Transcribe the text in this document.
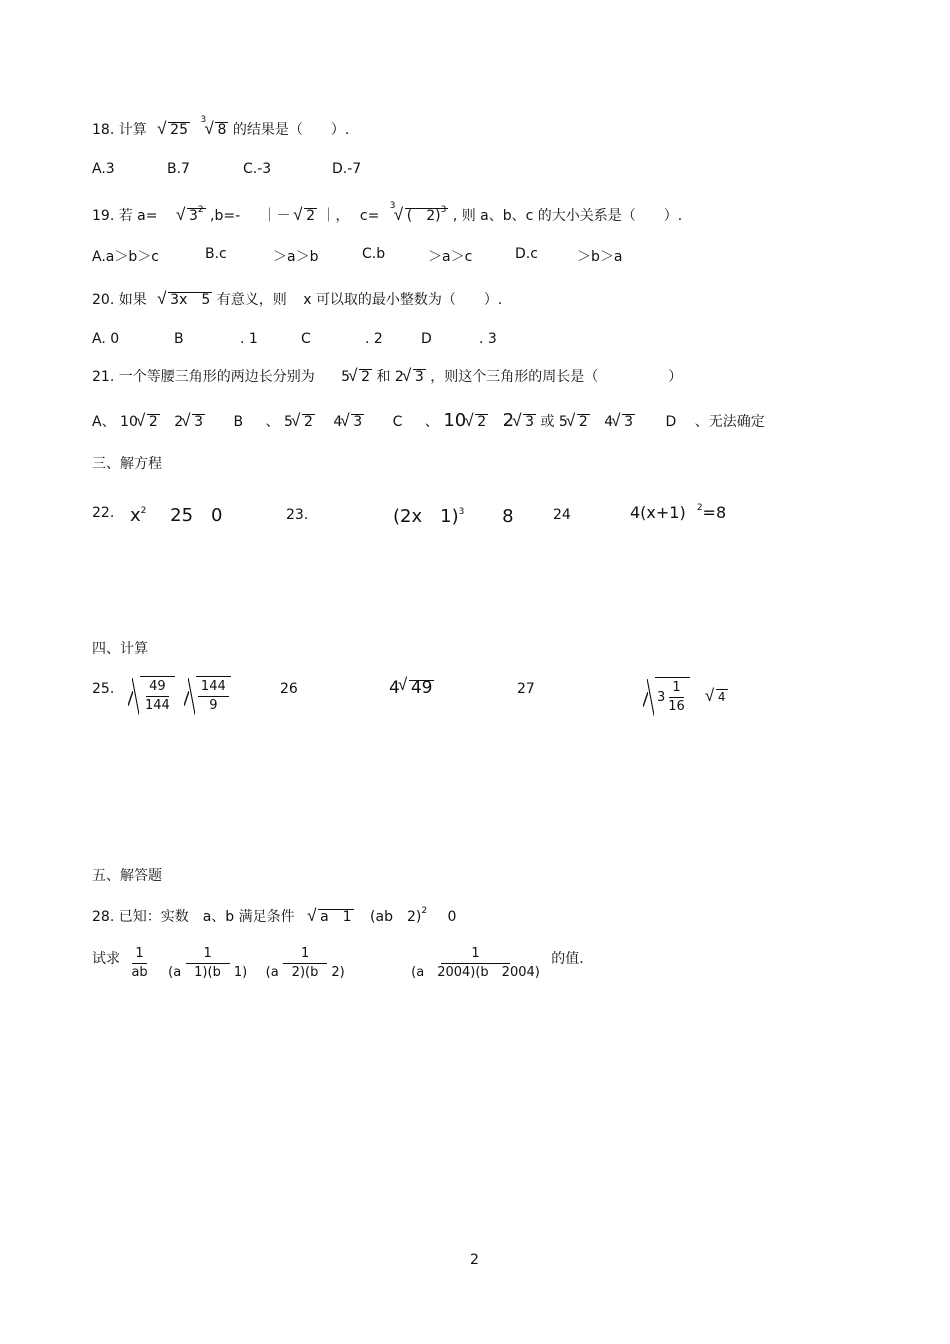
18. 计算 √ 25
√ 3
8 的结果是（　　）.
A.3	B.7	C.-3	D.-7
19. 若 a= √ $3^2$ ,b=- ｜－ √ 2 ｜， c=
√ 3
(　2)$^3$ , 则 a、b、c 的大小关系是（　　）.
A.a＞b＞c	B.c	＞a＞b	C.b	＞a＞c	D.c	＞b＞a
20. 如果 √ 3x　5 有意义，则 x 可以取的最小整数为（　　）.
A. 0	B	. 1	C	. 2	D	. 3
21. 一个等腰三角形的两边长分别为 5 √ 2 和 2 √ 3 ，则这个三角形的周长是（　　　　　）
A、 10 √ 2 2 √ 3 B 、 5 √ 2 4 √ 3 C 、 10 √ 2 2 √ 3 或 5 √ 2 4 √ 3 D 、无法确定
三、解方程
22. $x^2$ 25　0	23.	(2x　1)$^3$ 8	24	4(x+1) $^2$=8
四、计算
25. $\frac{49}{144}$
$\frac{144}{9}$	26	4 √ 49	27
$3 \frac{1}{16}$	√ 4
五、解答题
28. 已知：实数　a、b 满足条件 √ a　1 (ab　2)$^2$ 0
试求 $\frac{1}{ab}$
$\frac{1}{(a 1)(b 1)}$
$\frac{1}{(a 2)(b 2)}$
	$\frac{1}{(a 2004)(b 2004)}$ 的值.
2
